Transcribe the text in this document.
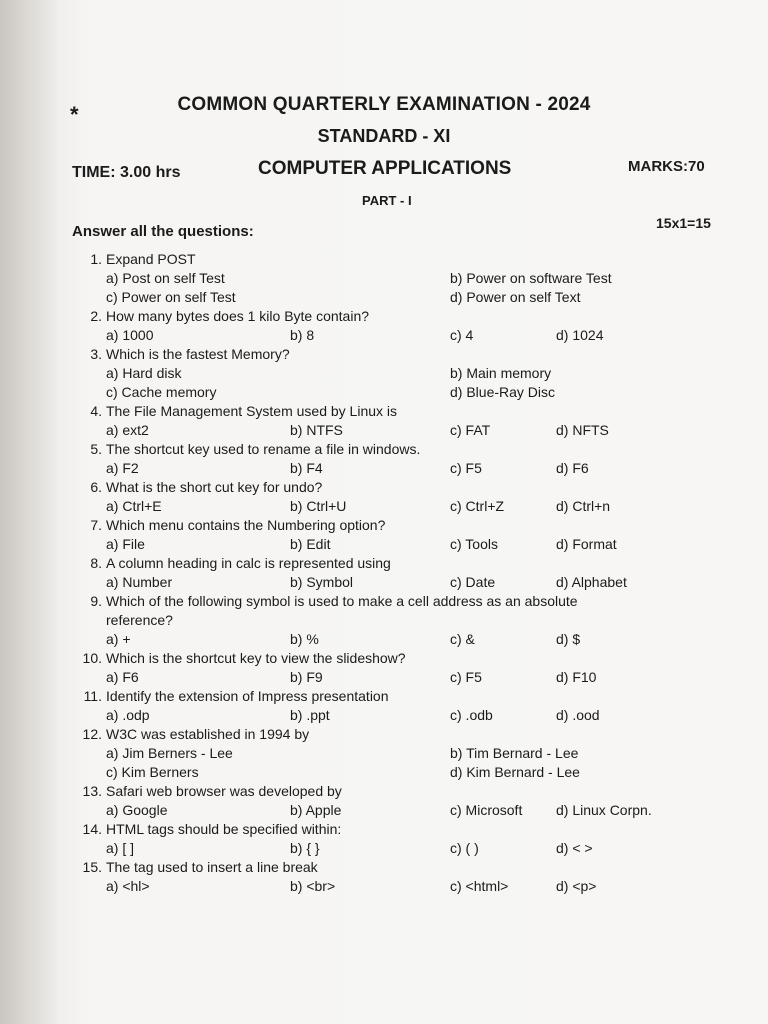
*	COMMON QUARTERLY EXAMINATION - 2024
STANDARD - XI
TIME: 3.00 hrs	COMPUTER APPLICATIONS	MARKS:70
PART - I
Answer all the questions:	15x1=15
1. Expand POST
a) Post on self Test	b) Power on software Test
c) Power on self Test	d) Power on self Text
2. How many bytes does 1 kilo Byte contain?
a) 1000	b) 8	c) 4	d) 1024
3. Which is the fastest Memory?
a) Hard disk	b) Main memory
c) Cache memory	d) Blue-Ray Disc
4. The File Management System used by Linux is
a) ext2	b) NTFS	c) FAT	d) NFTS
5. The shortcut key used to rename a file in windows.
a) F2	b) F4	c) F5	d) F6
6. What is the short cut key for undo?
a) Ctrl+E	b) Ctrl+U	c) Ctrl+Z	d) Ctrl+n
7. Which menu contains the Numbering option?
a) File	b) Edit	c) Tools	d) Format
8. A column heading in calc is represented using
a) Number	b) Symbol	c) Date	d) Alphabet
9. Which of the following symbol is used to make a cell address as an absolute
reference?
a) +	b) %	c) &	d) $
10. Which is the shortcut key to view the slideshow?
a) F6	b) F9	c) F5	d) F10
11. Identify the extension of Impress presentation
a) .odp	b) .ppt	c) .odb	d) .ood
12. W3C was established in 1994 by
a) Jim Berners - Lee	b) Tim Bernard - Lee
c) Kim Berners	d) Kim Bernard - Lee
13. Safari web browser was developed by
a) Google	b) Apple	c) Microsoft d) Linux Corpn.
14. HTML tags should be specified within:
a) [ ]	b) { }	c) ( )	d) < >
15. The tag used to insert a line break
a) <hl>	b) <br>	c) <html>	d) <p>
